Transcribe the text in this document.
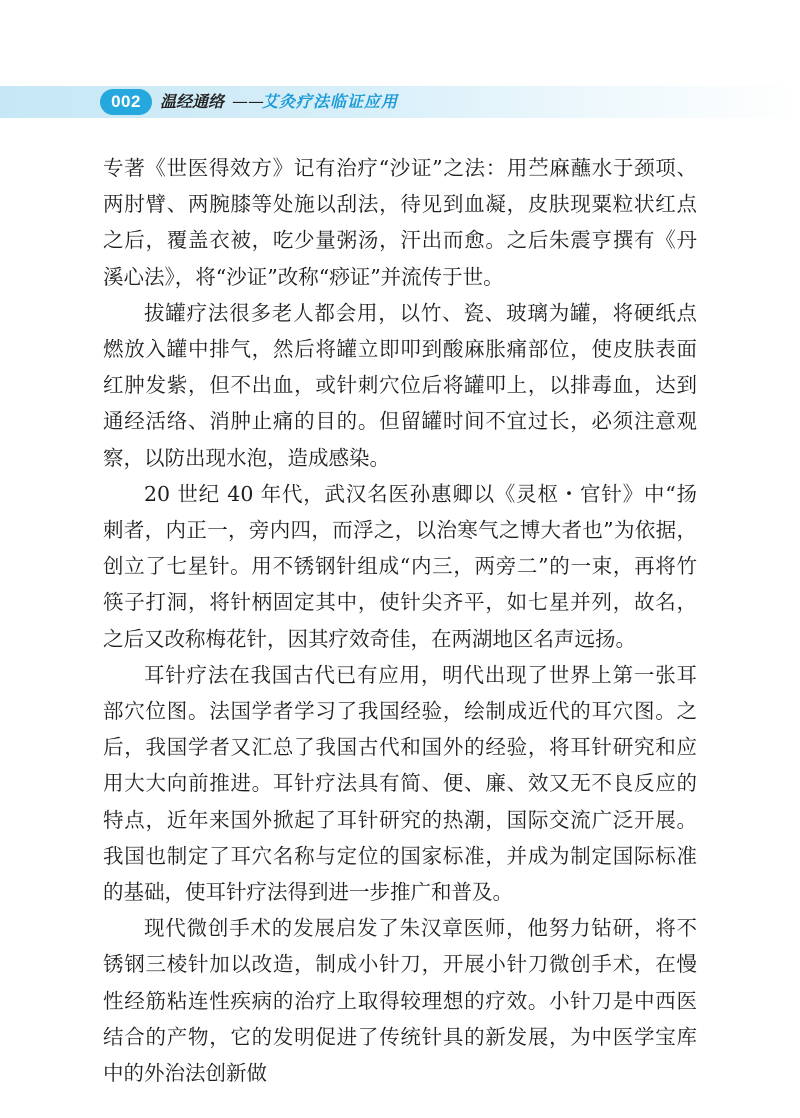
002	温经通络 ——
艾灸疗法临证应用

专著《世医得效方》记有治疗“沙证”之法：用苎麻蘸水于颈项、两肘臂、两腕膝等处施以刮法，待见到血凝，皮肤现粟粒状红点之后，覆盖衣被，吃少量粥汤，汗出而愈。之后朱震亨撰有《丹溪心法》，将“沙证”改称“痧证”并流传于世。

拔罐疗法很多老人都会用，以竹、瓷、玻璃为罐，将硬纸点燃放入罐中排气，然后将罐立即叩到酸麻胀痛部位，使皮肤表面红肿发紫，但不出血，或针刺穴位后将罐叩上，以排毒血，达到通经活络、消肿止痛的目的。但留罐时间不宜过长，必须注意观察，以防出现水泡，造成感染。

20 世纪 40 年代，武汉名医孙惠卿以《灵枢・官针》中“扬刺者，内正一，旁内四，而浮之，以治寒气之博大者也”为依据，创立了七星针。用不锈钢针组成“内三，两旁二”的一束，再将竹筷子打洞，将针柄固定其中，使针尖齐平，如七星并列，故名，之后又改称梅花针，因其疗效奇佳，在两湖地区名声远扬。

耳针疗法在我国古代已有应用，明代出现了世界上第一张耳部穴位图。法国学者学习了我国经验，绘制成近代的耳穴图。之后，我国学者又汇总了我国古代和国外的经验，将耳针研究和应用大大向前推进。耳针疗法具有简、便、廉、效又无不良反应的特点，近年来国外掀起了耳针研究的热潮，国际交流广泛开展。我国也制定了耳穴名称与定位的国家标准，并成为制定国际标准的基础，使耳针疗法得到进一步推广和普及。

现代微创手术的发展启发了朱汉章医师，他努力钻研，将不锈钢三棱针加以改造，制成小针刀，开展小针刀微创手术，在慢性经筋粘连性疾病的治疗上取得较理想的疗效。小针刀是中西医结合的产物，它的发明促进了传统针具的新发展，为中医学宝库中的外治法创新做
